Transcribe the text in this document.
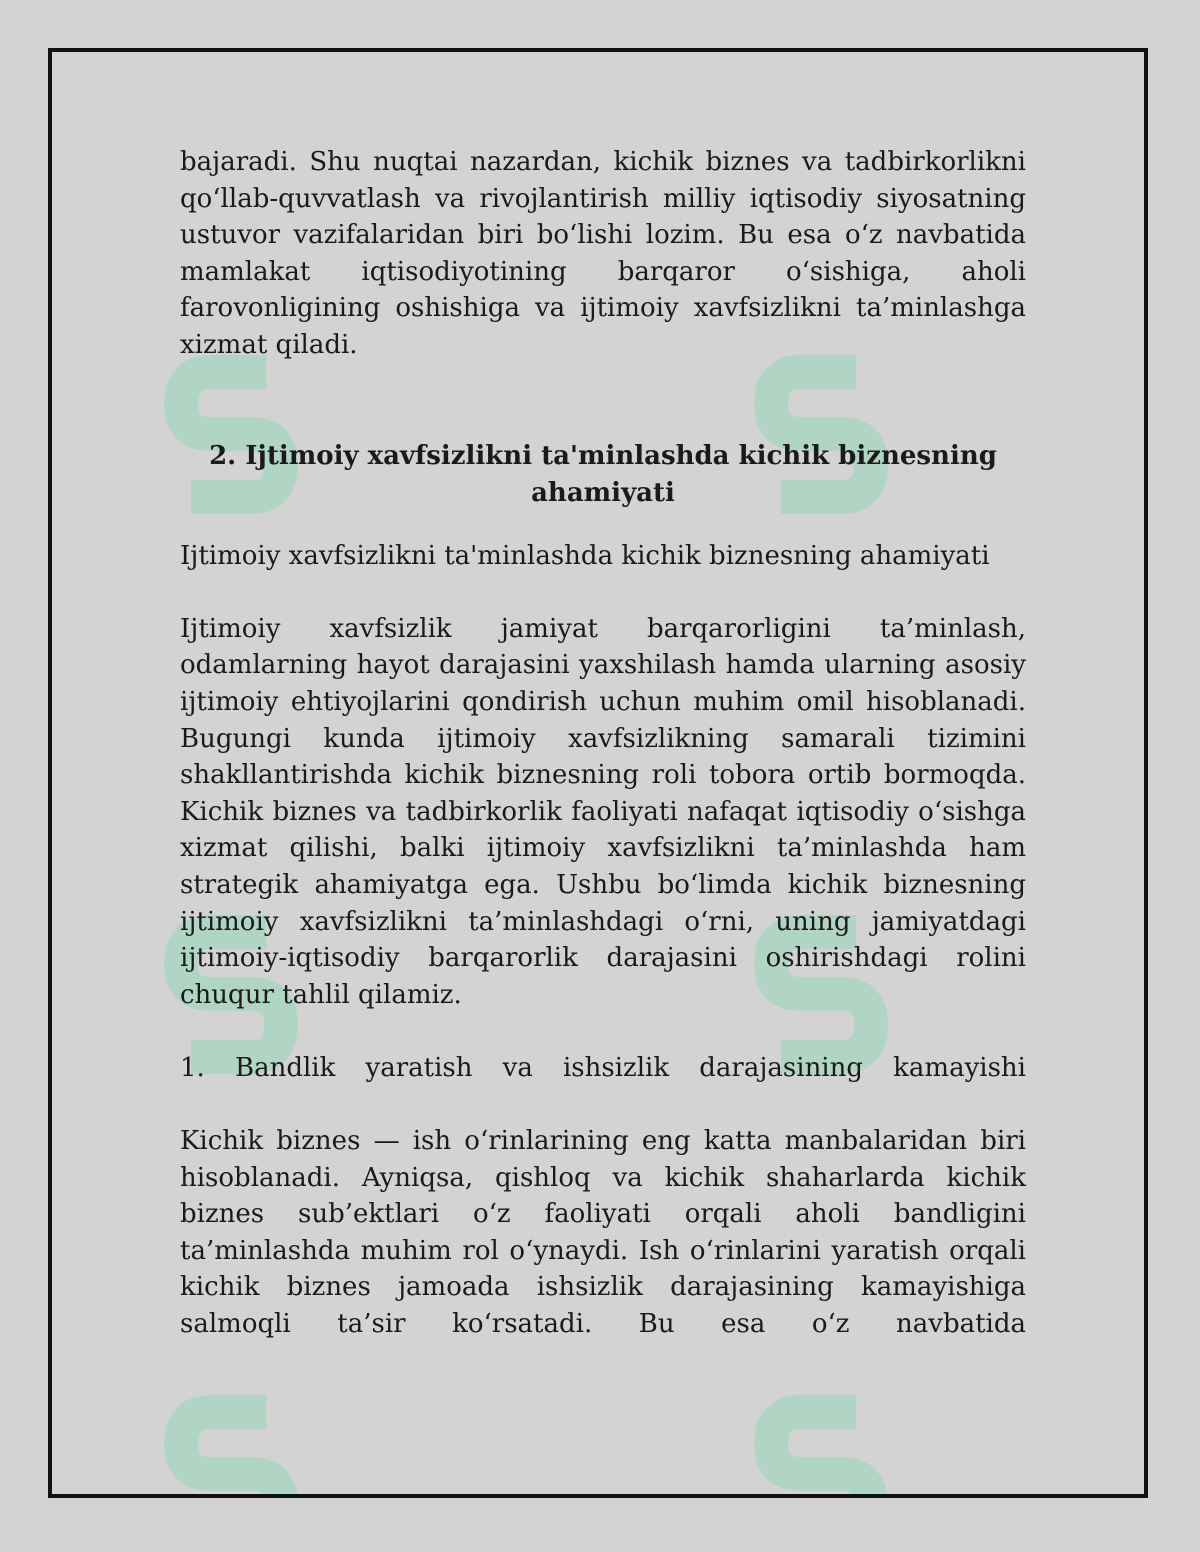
bajaradi. Shu nuqtai nazardan, kichik biznes va tadbirkorlikni qo‘llab-quvvatlash va rivojlantirish milliy iqtisodiy siyosatning ustuvor vazifalaridan biri bo‘lishi lozim. Bu esa o‘z navbatida mamlakat iqtisodiyotining barqaror o‘sishiga, aholi farovonligining oshishiga va ijtimoiy xavfsizlikni ta’minlashga xizmat qiladi.

2. Ijtimoiy xavfsizlikni ta'minlashda kichik biznesning ahamiyati

Ijtimoiy xavfsizlikni ta'minlashda kichik biznesning ahamiyati

Ijtimoiy xavfsizlik jamiyat barqarorligini ta’minlash, odamlarning hayot darajasini yaxshilash hamda ularning asosiy ijtimoiy ehtiyojlarini qondirish uchun muhim omil hisoblanadi. Bugungi kunda ijtimoiy xavfsizlikning samarali tizimini shakllantirishda kichik biznesning roli tobora ortib bormoqda. Kichik biznes va tadbirkorlik faoliyati nafaqat iqtisodiy o‘sishga xizmat qilishi, balki ijtimoiy xavfsizlikni ta’minlashda ham strategik ahamiyatga ega. Ushbu bo‘limda kichik biznesning ijtimoiy xavfsizlikni ta’minlashdagi o‘rni, uning jamiyatdagi ijtimoiy-iqtisodiy barqarorlik darajasini oshirishdagi rolini chuqur tahlil qilamiz.

1. Bandlik yaratish va ishsizlik darajasining kamayishi

Kichik biznes — ish o‘rinlarining eng katta manbalaridan biri hisoblanadi. Ayniqsa, qishloq va kichik shaharlarda kichik biznes sub’ektlari o‘z faoliyati orqali aholi bandligini ta’minlashda muhim rol o‘ynaydi. Ish o‘rinlarini yaratish orqali kichik biznes jamoada ishsizlik darajasining kamayishiga salmoqli ta’sir ko‘rsatadi. Bu esa o‘z navbatida
